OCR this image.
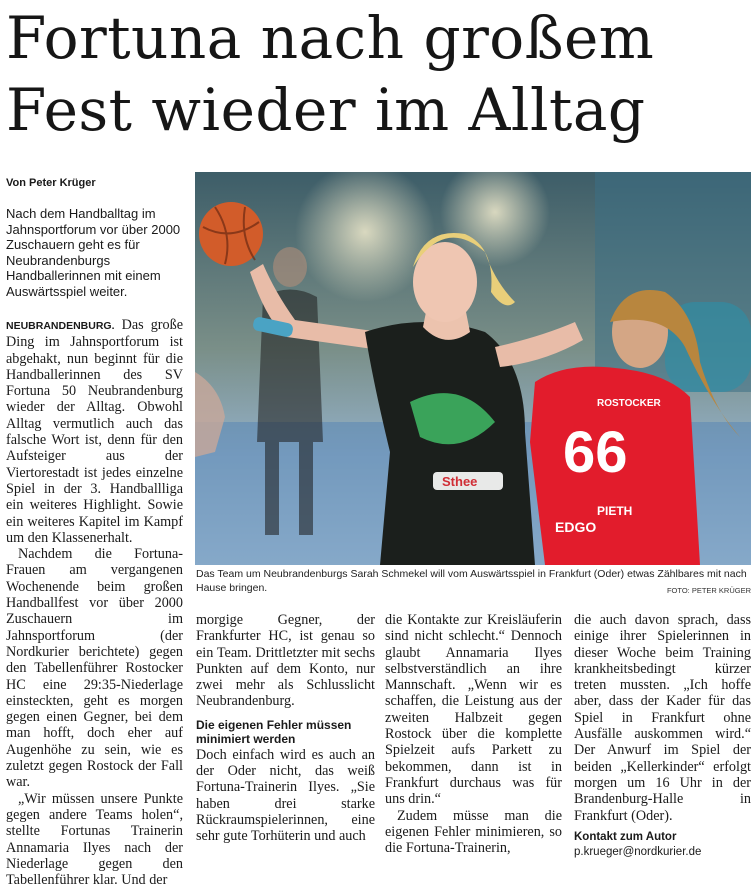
Fortuna nach großem Fest wieder im Alltag
Von Peter Krüger

Nach dem Handballtag im Jahnsportforum vor über 2000 Zuschauern geht es für Neubrandenburgs Handballerinnen mit einem Auswärtsspiel weiter.

NEUBRANDENBURG. Das große Ding im Jahnsportforum ist abgehakt, nun beginnt für die Handballerinnen des SV Fortuna 50 Neubrandenburg wieder der Alltag. Obwohl Alltag vermutlich auch das falsche Wort ist, denn für den Aufsteiger aus der Viertorestadt ist jedes einzelne Spiel in der 3. Handballliga ein weiteres Highlight. Sowie ein weiteres Kapitel im Kampf um den Klassenerhalt.

Nachdem die Fortuna-Frauen am vergangenen Wochenende beim großen Handballfest vor über 2000 Zuschauern im Jahnsportforum (der Nordkurier berichtete) gegen den Tabellenführer Rostocker HC eine 29:35-Niederlage einsteckten, geht es morgen gegen einen Gegner, bei dem man hofft, doch eher auf Augenhöhe zu sein, wie es zuletzt gegen Rostock der Fall war.

„Wir müssen unsere Punkte gegen andere Teams holen“, stellte Fortunas Trainerin Annamaria Ilyes nach der Niederlage gegen den Tabellenführer klar. Und der

morgige Gegner, der Frankfurter HC, ist genau so ein Team. Drittletzter mit sechs Punkten auf dem Konto, nur zwei mehr als Schlusslicht Neubrandenburg.

Die eigenen Fehler müssen minimiert werden

Doch einfach wird es auch an der Oder nicht, das weiß Fortuna-Trainerin Ilyes. „Sie haben drei starke Rückraumspielerinnen, eine sehr gute Torhüterin und auch

die Kontakte zur Kreisläuferin sind nicht schlecht.“ Dennoch glaubt Annamaria Ilyes selbstverständlich an ihre Mannschaft. „Wenn wir es schaffen, die Leistung aus der zweiten Halbzeit gegen Rostock über die komplette Spielzeit aufs Parkett zu bekommen, dann ist in Frankfurt durchaus was für uns drin.“

Zudem müsse man die eigenen Fehler minimieren, so die Fortuna-Trainerin,

die auch davon sprach, dass einige ihrer Spielerinnen in dieser Woche beim Training krankheitsbedingt kürzer treten mussten. „Ich hoffe aber, dass der Kader für das Spiel in Frankfurt ohne Ausfälle auskommen wird.“ Der Anwurf im Spiel der beiden „Kellerkinder“ erfolgt morgen um 16 Uhr in der Brandenburg-Halle in Frankfurt (Oder).

Kontakt zum Autor
p.krueger@nordkurier.de
Sthee 66
PIETH
ROSTOCKER
EDGO

Das Team um Neubrandenburgs Sarah Schmekel will vom Auswärtsspiel in Frankfurt (Oder) etwas Zählbares mit nach Hause bringen.	FOTO: PETER KRÜGER
